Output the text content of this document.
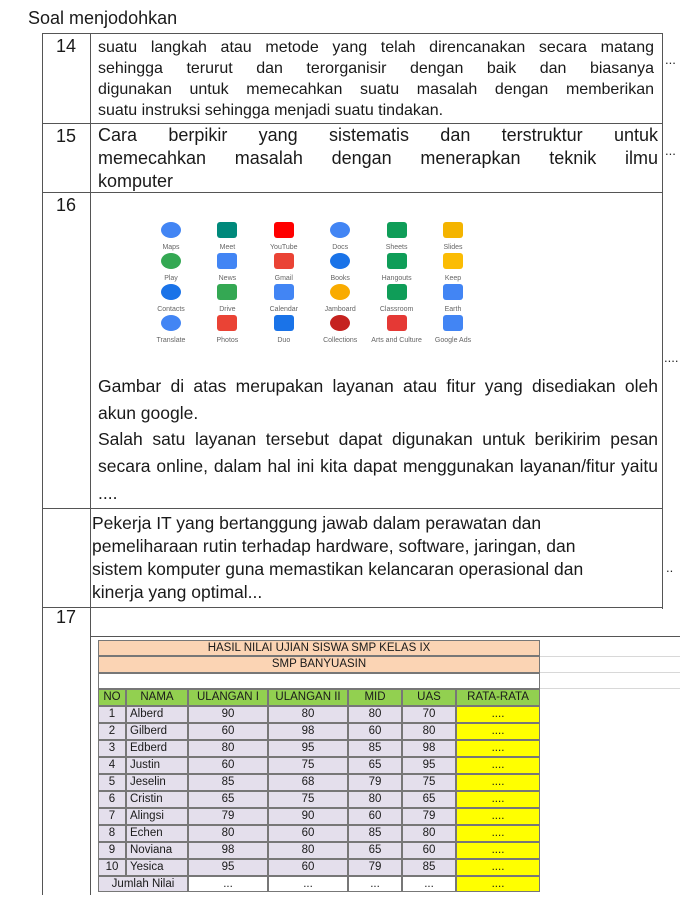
Soal menjodohkan
14 suatu langkah atau metode yang telah direncanakan secara matang
sehingga terurut dan terorganisir dengan baik dan biasanya
digunakan untuk memecahkan suatu masalah dengan memberikan
suatu instruksi sehingga menjadi suatu tindakan.
...
15 Cara berpikir yang sistematis dan terstruktur untuk
memecahkan masalah dengan menerapkan teknik ilmu
komputer
...
16
Maps	Meet	YouTube	Docs	Sheets	Slides
Play	News	Gmail	Books	Hangouts	Keep
Contacts	Drive	Calendar	Jamboard	Classroom	Earth
Translate	Photos	Duo	Collections	Arts and Culture	Google Ads
....
Gambar di atas merupakan layanan atau fitur yang disediakan oleh akun google.
Salah satu layanan tersebut dapat digunakan untuk berikirim pesan secara online, dalam hal ini kita dapat menggunakan layanan/fitur yaitu ....
Pekerja IT yang bertanggung jawab dalam perawatan dan
pemeliharaan rutin terhadap hardware, software, jaringan, dan
sistem komputer guna memastikan kelancaran operasional dan
kinerja yang optimal...
..
17
HASIL NILAI UJIAN SISWA SMP KELAS IX
SMP BANYUASIN
NO	NAMA	ULANGAN I	ULANGAN II	MID	UAS	RATA-RATA
1	Alberd	90	80	80	70	....
2	Gilberd	60	98	60	80	....
3	Edberd	80	95	85	98	....
4	Justin	60	75	65	95	....
5	Jeselin	85	68	79	75	....
6	Cristin	65	75	80	65	....
7	Alingsi	79	90	60	79	....
8	Echen	80	60	85	80	....
9	Noviana	98	80	65	60	....
10	Yesica	95	60	79	85	....
Jumlah Nilai	...	...	...	...	....
